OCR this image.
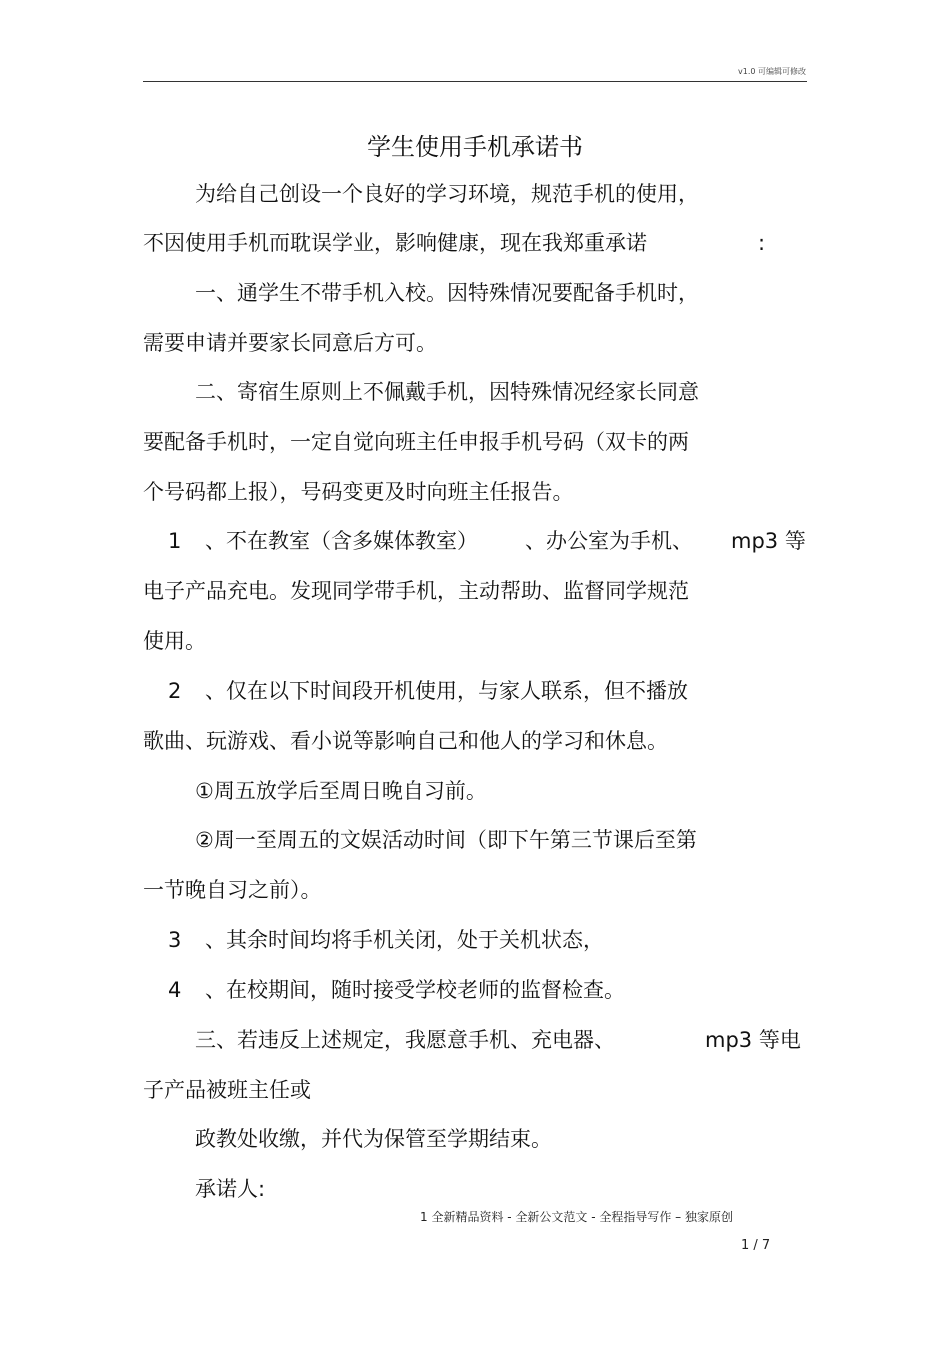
v1.0 可编辑可修改
学生使用手机承诺书
为给自己创设一个良好的学习环境，规范手机的使用，
不因使用手机而耽误学业，影响健康，现在我郑重承诺	:
一、通学生不带手机入校。因特殊情况要配备手机时，
需要申请并要家长同意后方可。
二、寄宿生原则上不佩戴手机，因特殊情况经家长同意
要配备手机时，一定自觉向班主任申报手机号码（双卡的两
个号码都上报），号码变更及时向班主任报告。
1 、不在教室（含多媒体教室） 、办公室为手机、 mp3 等
电子产品充电。发现同学带手机，主动帮助、监督同学规范
使用。
2 、仅在以下时间段开机使用，与家人联系，但不播放
歌曲、玩游戏、看小说等影响自己和他人的学习和休息。
①周五放学后至周日晚自习前。
②周一至周五的文娱活动时间（即下午第三节课后至第
一节晚自习之前）。
3 、其余时间均将手机关闭，处于关机状态，
4 、在校期间，随时接受学校老师的监督检查。
三、若违反上述规定，我愿意手机、充电器、	mp3 等电
子产品被班主任或
政教处收缴，并代为保管至学期结束。
承诺人:
1 全新精品资料 - 全新公文范文 - 全程指导写作 – 独家原创
1 / 7
